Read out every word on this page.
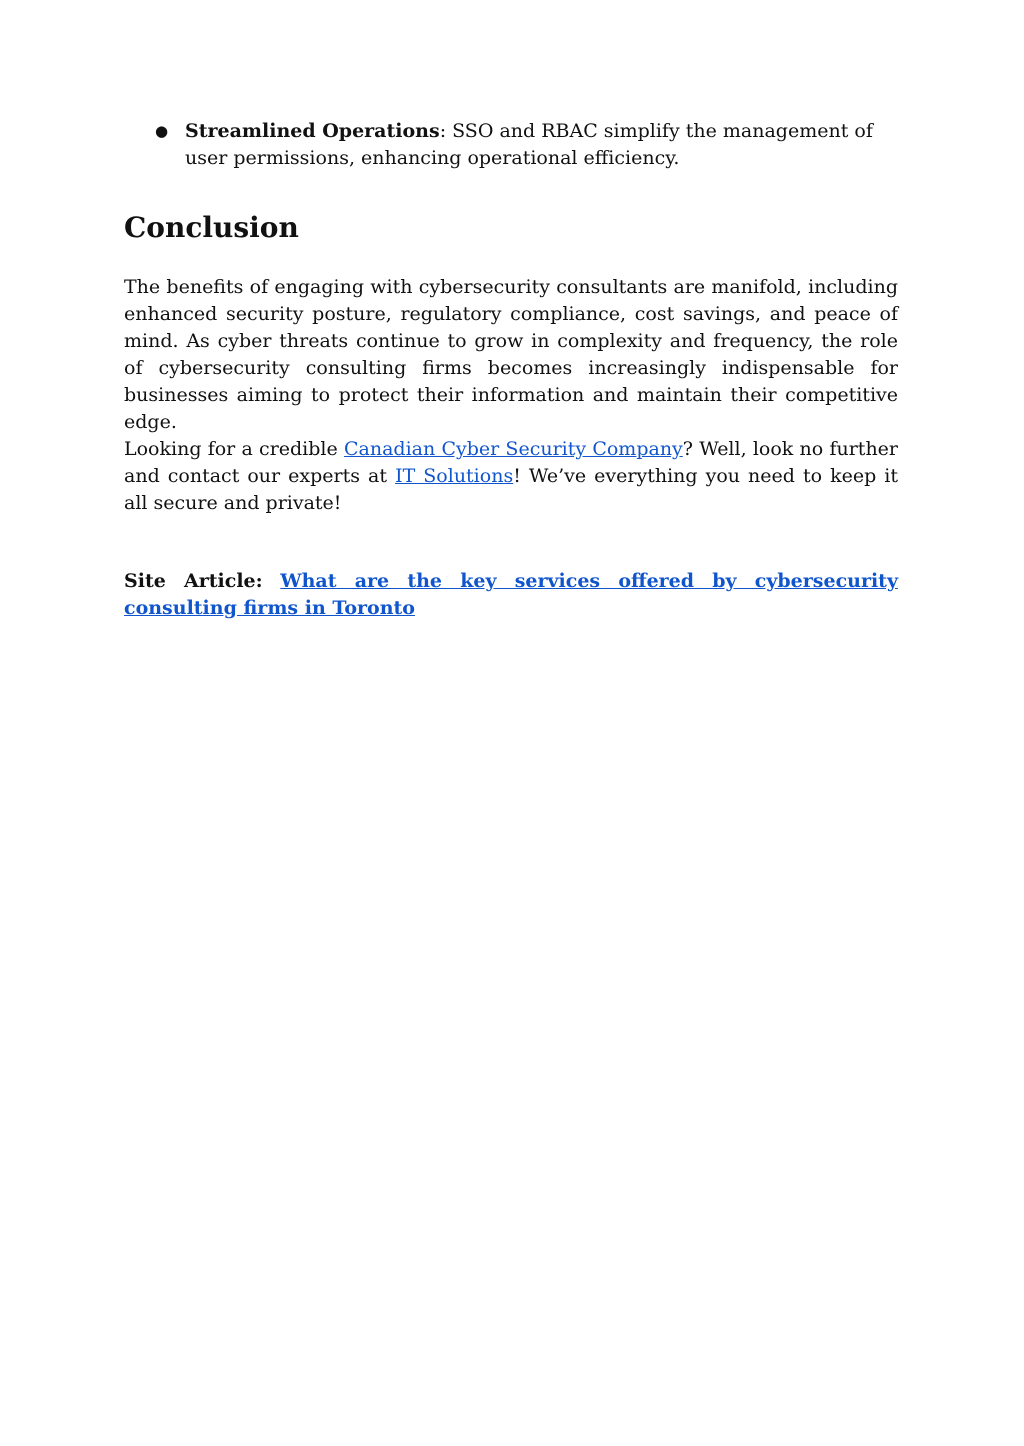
● Streamlined Operations: SSO and RBAC simplify the management of user permissions, enhancing operational efficiency.
Conclusion

The benefits of engaging with cybersecurity consultants are manifold, including enhanced security posture, regulatory compliance, cost savings, and peace of mind. As cyber threats continue to grow in complexity and frequency, the role of cybersecurity consulting firms becomes increasingly indispensable for businesses aiming to protect their information and maintain their competitive edge.

Looking for a credible Canadian Cyber Security Company? Well, look no further and contact our experts at IT Solutions! We’ve everything you need to keep it all secure and private!

Site Article: What are the key services offered by cybersecurity consulting firms in Toronto
